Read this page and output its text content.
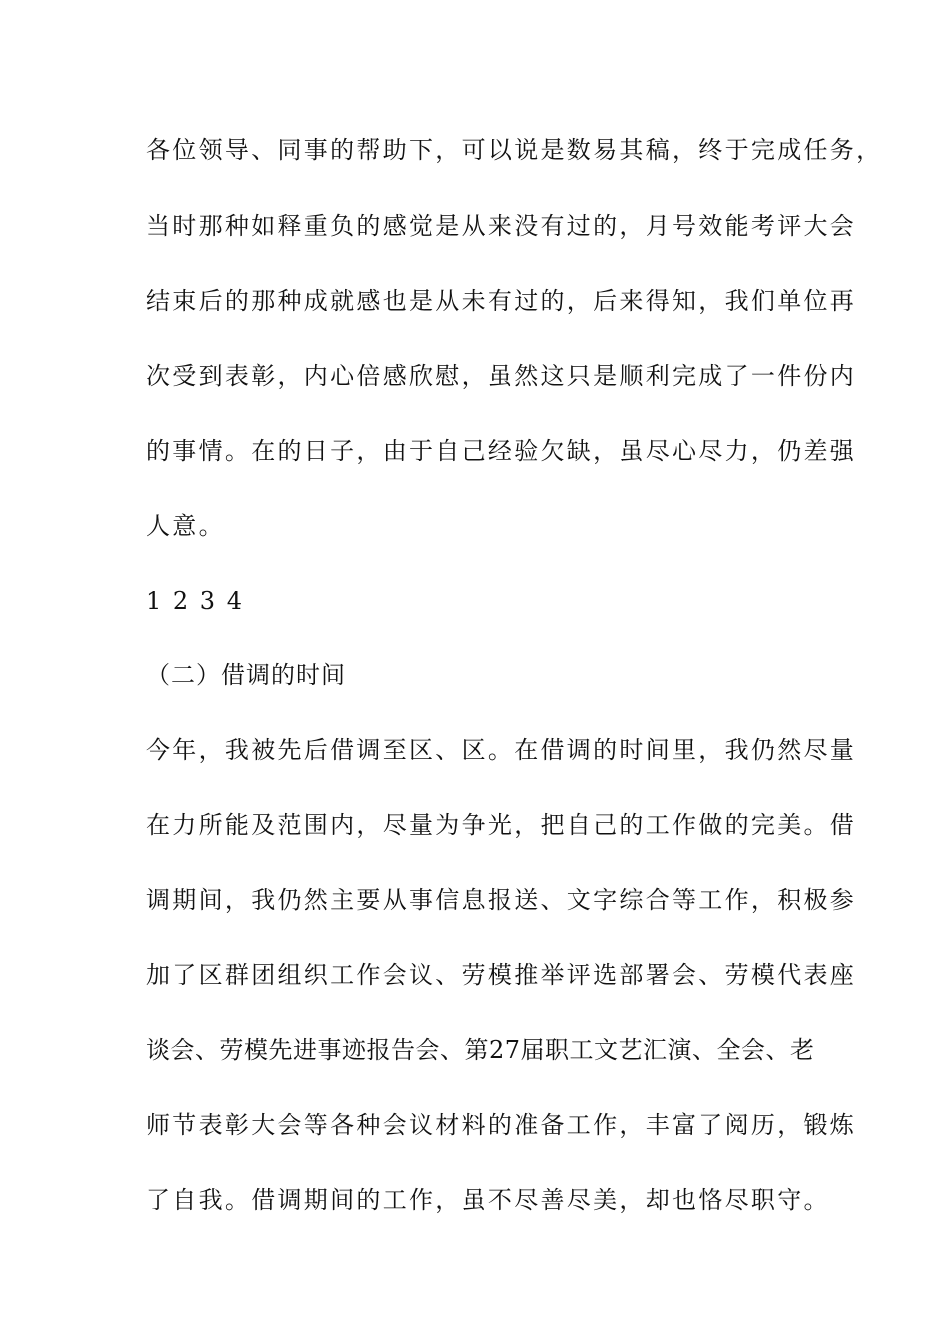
各位领导、同事的帮助下，可以说是数易其稿，终于完成任务，
当时那种如释重负的感觉是从来没有过的，月号效能考评大会
结束后的那种成就感也是从未有过的，后来得知，我们单位再
次受到表彰，内心倍感欣慰，虽然这只是顺利完成了一件份内
的事情。在的日子，由于自己经验欠缺，虽尽心尽力，仍差强
人意。
1 2 3 4
（二）借调的时间
今年，我被先后借调至区、区。在借调的时间里，我仍然尽量
在力所能及范围内，尽量为争光，把自己的工作做的完美。借
调期间，我仍然主要从事信息报送、文字综合等工作，积极参
加了区群团组织工作会议、劳模推举评选部署会、劳模代表座
谈会、劳模先进事迹报告会、第27届职工文艺汇演、全会、老
师节表彰大会等各种会议材料的准备工作，丰富了阅历，锻炼
了自我。借调期间的工作，虽不尽善尽美，却也恪尽职守。
